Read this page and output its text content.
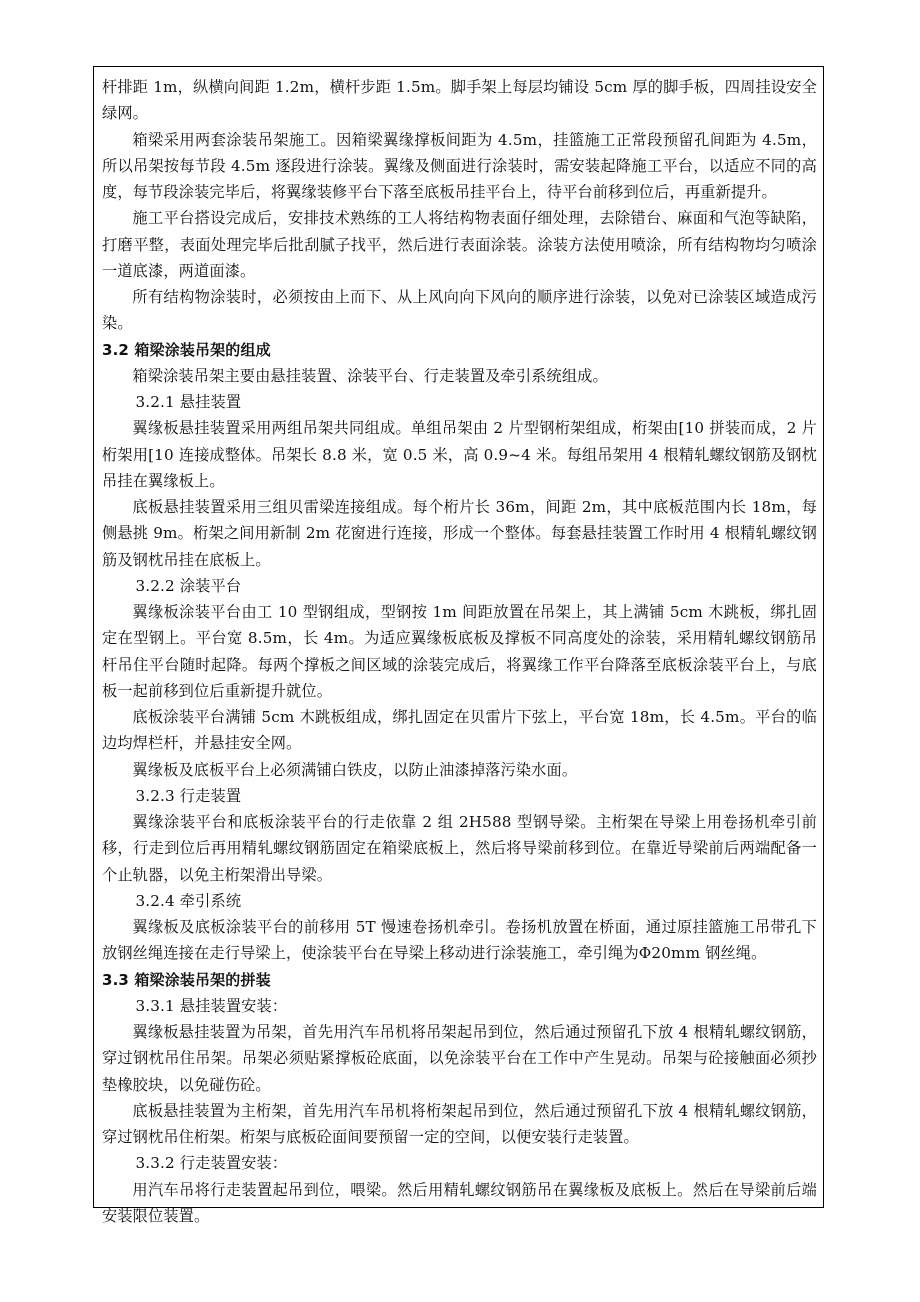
杆排距 1m，纵横向间距 1.2m，横杆步距 1.5m。脚手架上每层均铺设 5cm 厚的脚手板，四周挂设安全绿网。

箱梁采用两套涂装吊架施工。因箱梁翼缘撑板间距为 4.5m，挂篮施工正常段预留孔间距为 4.5m，所以吊架按每节段 4.5m 逐段进行涂装。翼缘及侧面进行涂装时，需安装起降施工平台，以适应不同的高度，每节段涂装完毕后，将翼缘装修平台下落至底板吊挂平台上，待平台前移到位后，再重新提升。

施工平台搭设完成后，安排技术熟练的工人将结构物表面仔细处理，去除错台、麻面和气泡等缺陷，打磨平整，表面处理完毕后批刮腻子找平，然后进行表面涂装。涂装方法使用喷涂，所有结构物均匀喷涂一道底漆，两道面漆。

所有结构物涂装时，必须按由上而下、从上风向向下风向的顺序进行涂装，以免对已涂装区域造成污染。

3.2 箱梁涂装吊架的组成

箱梁涂装吊架主要由悬挂装置、涂装平台、行走装置及牵引系统组成。

3.2.1 悬挂装置

翼缘板悬挂装置采用两组吊架共同组成。单组吊架由 2 片型钢桁架组成，桁架由[10 拼装而成，2 片桁架用[10 连接成整体。吊架长 8.8 米，宽 0.5 米，高 0.9~4 米。每组吊架用 4 根精轧螺纹钢筋及钢枕吊挂在翼缘板上。

底板悬挂装置采用三组贝雷梁连接组成。每个桁片长 36m，间距 2m，其中底板范围内长 18m，每侧悬挑 9m。桁架之间用新制 2m 花窗进行连接，形成一个整体。每套悬挂装置工作时用 4 根精轧螺纹钢筋及钢枕吊挂在底板上。

3.2.2 涂装平台

翼缘板涂装平台由工 10 型钢组成，型钢按 1m 间距放置在吊架上，其上满铺 5cm 木跳板，绑扎固定在型钢上。平台宽 8.5m，长 4m。为适应翼缘板底板及撑板不同高度处的涂装，采用精轧螺纹钢筋吊杆吊住平台随时起降。每两个撑板之间区域的涂装完成后，将翼缘工作平台降落至底板涂装平台上，与底板一起前移到位后重新提升就位。

底板涂装平台满铺 5cm 木跳板组成，绑扎固定在贝雷片下弦上，平台宽 18m，长 4.5m。平台的临边均焊栏杆，并悬挂安全网。

翼缘板及底板平台上必须满铺白铁皮，以防止油漆掉落污染水面。

3.2.3 行走装置

翼缘涂装平台和底板涂装平台的行走依靠 2 组 2H588 型钢导梁。主桁架在导梁上用卷扬机牵引前移，行走到位后再用精轧螺纹钢筋固定在箱梁底板上，然后将导梁前移到位。在靠近导梁前后两端配备一个止轨器，以免主桁架滑出导梁。

3.2.4 牵引系统

翼缘板及底板涂装平台的前移用 5T 慢速卷扬机牵引。卷扬机放置在桥面，通过原挂篮施工吊带孔下放钢丝绳连接在走行导梁上，使涂装平台在导梁上移动进行涂装施工，牵引绳为Φ20mm 钢丝绳。

3.3 箱梁涂装吊架的拼装

3.3.1 悬挂装置安装：

翼缘板悬挂装置为吊架，首先用汽车吊机将吊架起吊到位，然后通过预留孔下放 4 根精轧螺纹钢筋，穿过钢枕吊住吊架。吊架必须贴紧撑板砼底面，以免涂装平台在工作中产生晃动。吊架与砼接触面必须抄垫橡胶块，以免碰伤砼。

底板悬挂装置为主桁架，首先用汽车吊机将桁架起吊到位，然后通过预留孔下放 4 根精轧螺纹钢筋，穿过钢枕吊住桁架。桁架与底板砼面间要预留一定的空间，以便安装行走装置。

3.3.2 行走装置安装：

用汽车吊将行走装置起吊到位，喂梁。然后用精轧螺纹钢筋吊在翼缘板及底板上。然后在导梁前后端安装限位装置。
